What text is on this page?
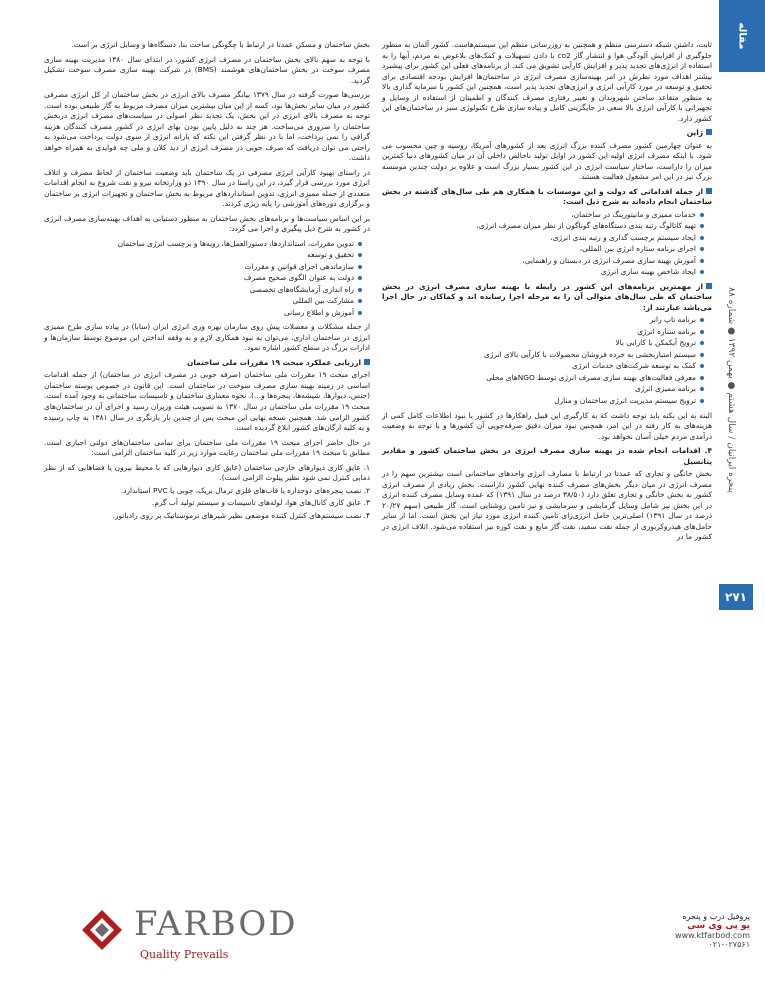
مقاله
پنجره ایرانیان / سال هشتم ● بهمن ۱۳۹۲ ● شماره ۸۸
۲۷۱

ثابت، داشتن شبکه دسترسی منظم و همچنین به روزرسانی منظم این سیستم‌هاست. کشور آلمان به منظور جلوگیری از افزایش آلودگی هوا و انتشار گاز co2 با دادن تسهیلات و کمک‌های بلاعوض به مردم، آنها را به استفاده از انرژی‌های تجدید پذیر و افزایش کارآیی تشویق می کند. از برنامه‌های فعلی این کشور برای پیشبرد بیشتر اهداف مورد نظرش در امر بهینه‌سازی مصرف انرژی در ساختمان‌ها افزایش بودجه اقتصادی برای تحقیق و توسعه در مورد کارآیی انرژی و انرژی‌های تجدید پذیر است، همچنین این کشور با سرمایه گذاری بالا به منظور متقاعد ساختن شهروندان و تغییر رفتاری مصرف کنندگان و اطمینان از استفاده از وسایل و تجهیزاتی با کارآیی انرژی بالا سعی در جایگزینی کامل و پیاده سازی طرح تکنولوژی سبز در ساختمان‌های این کشور دارد.

ژاپن

به عنوان چهارمین کشور مصرف کننده بزرگ انرژی بعد از کشورهای آمریکا، روسیه و چین محسوب می شود. با اینکه مصرف انرژی اولیه این کشور در اوایل تولید ناخالص داخلی آن در میان کشورهای دنیا کمترین میزان را داراست، ساختار سیاست انرژی در این کشور بسیار بزرگ است و علاوه بر دولت چندین موسسه بزرگ نیز در این امر مشغول فعالیت هستند.

از جمله اقداماتی که دولت و این موسسات با همکاری هم طی سال‌های گذشته در بخش ساختمان انجام داده‌اند به شرح ذیل است:
خدمات ممیزی و مانیتورینگ در ساختمان،
تهیه کاتالوگ رتبه بندی دستگاه‌های گوناگون از نظر میزان مصرف انرژی،
ایجاد سیستم برچسب گذاری و رتبه بندی انرژی،
اجرای برنامه ستاره انرژی بین المللی،
آموزش بهینه سازی مصرف انرژی در دبستان و راهنمایی،
ایجاد شاخص بهینه سازی انرژی
از مهمترین برنامه‌های این کشور در رابطه با بهینه سازی مصرف انرژی در بخش ساختمان که طی سال‌های متوالی آن را به مرحله اجرا رسانده اند و کماکان در حال اجرا می‌باشد عبارتند از:
برنامه تاپ رانر
برنامه ستاره انرژی
ترویج آیکمکن با کارایی بالا
سیستم امتیازبخشی به خرده فروشان محصولات با کارآیی بالای انرژی
کمک به توسعه شرکت‌های خدمات انرژی
معرفی فعالیت‌های بهینه سازی مصرف انرژی توسط NGOهای محلی
برنامه ممیزی انرژی
ترویج سیستم مدیریت انرژی ساختمان و منازل

البته به این نکته باید توجه داشت که به کارگیری این قبیل راهکارها در کشور با نبود اطلاعات کامل کمی از هزینه‌های به کار رفته در این امر، همچنین نبود میزان دقیق صرفه‌جویی آن کشورها و با توجه به وضعیت درآمدی مردم خیلی آسان نخواهد بود.

۴. اقدامات انجام شده در بهینه سازی مصرف انرژی در بخش ساختمان کشور و مقادیر پتانسیل

بخش خانگی و تجاری که عمدتا در ارتباط با مصارف انرژی واحدهای ساختمانی است بیشترین سهم را در مصرف انرژی در میان دیگر بخش‌های مصرف کننده نهایی کشور داراست. بخش زیادی از مصرف انرژی کشور به بخش خانگی و تجاری تعلق دارد (۳۸/۵۰ درصد در سال ۱۳۹۱) که عمده وسایل مصرف کننده انرژی در این بخش نیز شامل وسایل گرمایشی و سرمایشی و نیز تامین روشنایی است. گاز طبیعی (سهم ۲۰/۲۷ درصد در سال ۱۳۹۱) اصلی‌ترین حامل انرژی‌زای تامین کننده انرژی مورد نیاز این بخش است. اما از سایر حامل‌های هیدروکربوری از جمله نفت سفید، نفت گاز مایع و نفت کوره نیز استفاده می‌شود. اتلاف انرژی در کشور ما در

بخش ساختمان و مسکن عمدتا در ارتباط با چگونگی ساخت بنا، دستگاه‌ها و وسایل انرژی بر است.

با توجه به سهم بالای بخش ساختمان در مصرف انرژی کشور، در ابتدای سال ۱۳۸۰ مدیریت بهینه سازی مصرف سوخت در بخش ساختمان‌های هوشمند (BMS) در شرکت بهینه سازی مصرف سوخت تشکیل گردید.

بررسی‌ها صورت گرفته در سال ۱۳۷۹ بیانگر مصرف بالای انرژی در بخش ساختمان از کل انرژی مصرفی کشور در میان سایر بخش‌ها بود، کسه از این میان بیشترین میزان مصرف مربوط به گاز طبیعی بوده است. توجه به مصرف بالای انرژی در این بخش، یک تجدید نظر اصولی در سیاست‌های مصرف انرژی دربخش ساختمان را ضروری می‌ساخت. هر چند به دلیل پایین بودن بهای انرژی در کشور مصرف کنندگان هزینه گزافی را نمی پرداخت، اما با در نظر گرفتن این نکته که یارانه انرژی از سوی دولت پرداخت می‌شود به راحتی می توان دریافت که صرف جویی در مصرف انرژی از دید کلان و ملی چه فوایدی به همراه خواهد داشت.

در راستای بهبود کارآیی انرژی مصرفی در یک ساختمان باید وضعیت ساختمان از لحاظ مصرف و اتلاف انرژی مورد بررسی قرار گیرد، در این راستا در سال ۱۳۹۰ دو وزارتخانه نیرو و نفت شروع به انجام اقدامات متعددی از جمله ممیزی انرژی، تدوین استانداردهای مربوط به بخش ساختمان و تجهیزات انرژی بر ساختمان و برگزاری دوره‌های آموزشی را پایه ریزی کردند.

بر این اساس سیاست‌ها و برنامه‌های بخش ساختمان به منظور دستیابی به اهداف بهینه‌سازی مصرف انرژی در کشور به شرح ذیل پیگیری و اجرا می گردد:

تدوین مقررات، استانداردها، دستورالعمل‌ها، رویه‌ها و برچسب انرژی ساختمان
تحقیق و توسعه
سازماندهی اجرای قوانین و مقررات
دولت به عنوان الگوی صحیح مصرف
راه اندازی آزمایشگاه‌های تخصصی
مشارکت بین المللی
آموزش و اطلاع رسانی

از جمله مشکلات و معضلات پیش روی سازمان بهره وری انرژی ایران (سابا) در پیاده سازی طرح ممیزی انرژی در ساختمان اداری، می‌توان به نبود همکاری لازم و به وقفه انداختن این موضوع توسط سازمان‌ها و ادارات بزرگ در سطح کشور اشاره نمود.

ارزیابی عملکرد مبحث ۱۹ مقررات ملی ساختمان

اجرای مبحث ۱۹ مقررات ملی ساختمان (صرفه جویی در مصرف انرژی در ساختمان) از جمله اقدامات اساسی در زمینه بهینه سازی مصرف سوخت در ساختمان است. این قانون در خصوص پوسته ساختمان (جنس، دیوارها، شیشه‌ها، پنجره‌ها و...)، نحوه معماری ساختمان و تاسیسات ساختمانی به وجود آمده است. مبحث ۱۹ مقررات ملی ساختمان در سال ۱۳۷۰ به تصویب هیئت وزیران رسید و اجرای آن در ساختمان‌های کشور الزامی شد. همچنین نسخه نهایی این مبحث پس از چندین بار بازنگری در سال ۱۳۸۱ به چاپ رسیده و به کلیه ارگان‌های کشور ابلاغ گردیده است.

در حال حاضر اجرای مبحث ۱۹ مقررات ملی ساختمان برای تمامی ساختمان‌های دولتی اجباری است. مطابق با مبحث ۱۹ مقررات ملی ساختمان رعایت موارد زیر در کلیه ساختمان الزامی است:

۱. عایق کاری دیوارهای خارجی ساختمان (عایق کاری دیوارهایی که با محیط بیرون یا فضاهایی که از نظر دمایی کنترل نمی شود نظیر پیلوت الزامی است).
۲. نصب پنجره‌های دوجداره یا قاب‌های فلزی ترمال بریک، چوبی یا PVC استاندارد.
۳. عایق کاری کانال‌های هوا، لوله‌های تاسیسات و سیستم تولید آب گرم.
۴. نصب سیستم‌های کنترل کننده موضعی نظیر شیرهای ترموستاتیک بر روی رادیاتور.
FARBOD
Quality Prevails
پروفیل درب و پنجره
یو پی وی سی
www.ktfarbod.com
۰۲۱-۰۲۷۵۶۱
